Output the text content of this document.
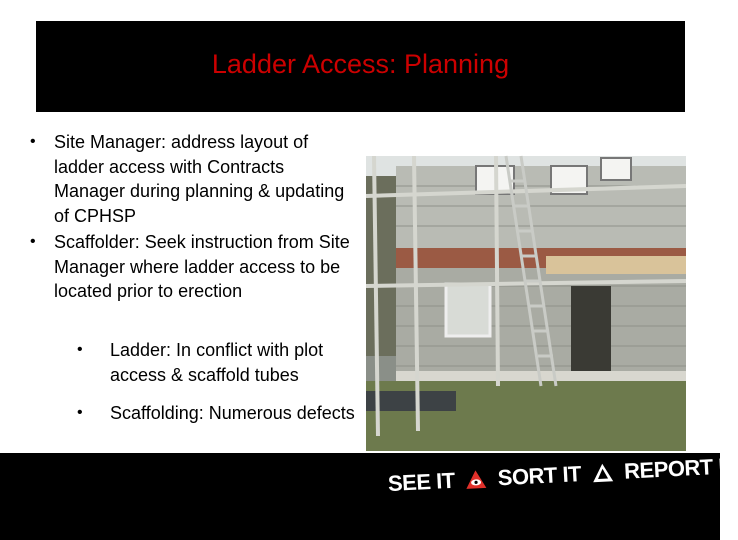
Ladder Access: Planning
• Site Manager: address layout of ladder access with Contracts Manager during planning & updating of CPHSP
• Scaffolder: Seek instruction from Site Manager where ladder access to be located prior to erection
• Ladder: In conflict with plot access & scaffold tubes
• Scaffolding: Numerous defects
SEE IT SORT IT REPORT IT
